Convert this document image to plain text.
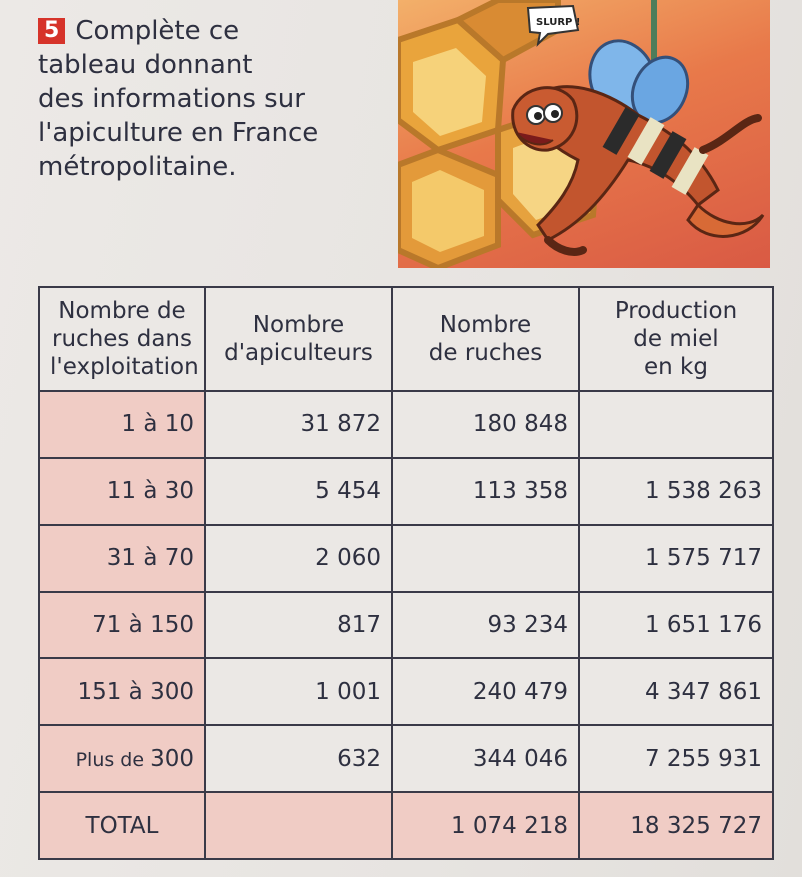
5 Complète ce
tableau donnant
des informations sur
l'apiculture en France
métropolitaine.
SLURP !
Nombre de
ruches dans
l'exploitation	Nombre
d'apiculteurs	Nombre
de ruches	Production
de miel
en kg
1 à 10	31 872	180 848	
11 à 30	5 454	113 358	1 538 263
31 à 70	2 060		1 575 717
71 à 150	817	93 234	1 651 176
151 à 300	1 001	240 479	4 347 861
Plus de 300	632	344 046	7 255 931
TOTAL		1 074 218	18 325 727
